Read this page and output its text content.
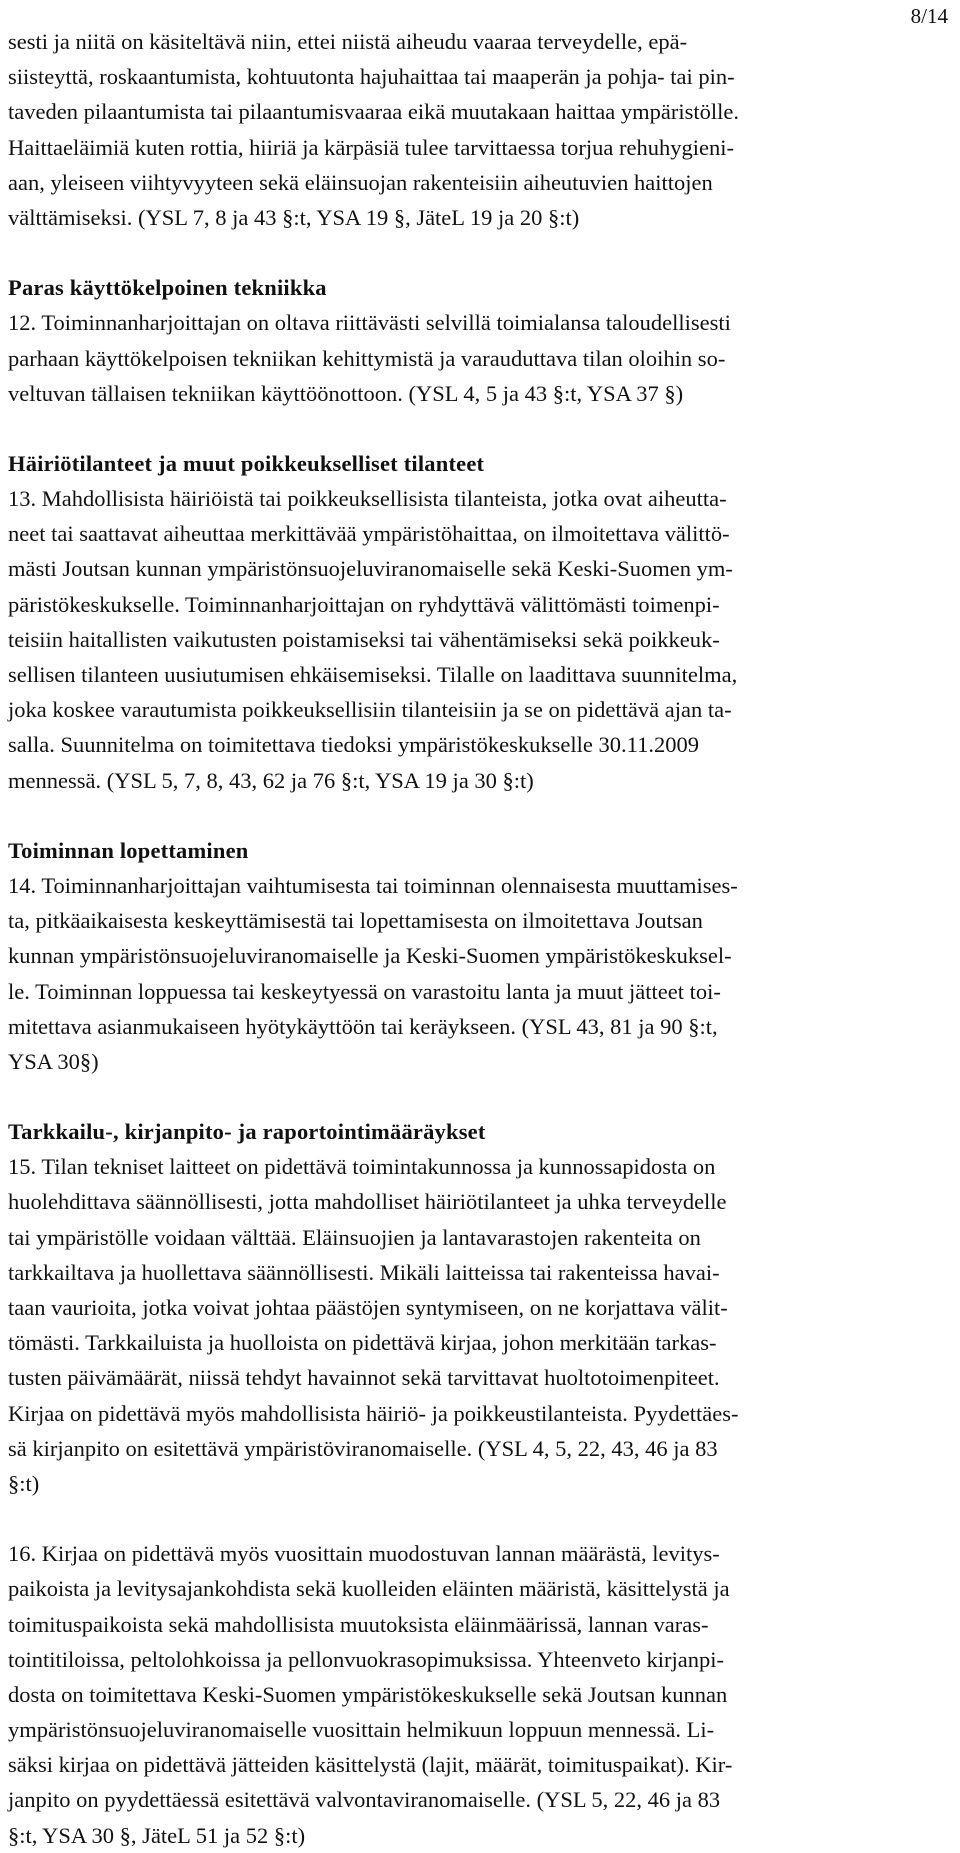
8/14
sesti ja niitä on käsiteltävä niin, ettei niistä aiheudu vaaraa terveydelle, epä-
siisteyttä, roskaantumista, kohtuutonta hajuhaittaa tai maaperän ja pohja- tai pin-
taveden pilaantumista tai pilaantumisvaaraa eikä muutakaan haittaa ympäristölle.
Haittaeläimiä kuten rottia, hiiriä ja kärpäsiä tulee tarvittaessa torjua rehuhygieni-
aan, yleiseen viihtyvyyteen sekä eläinsuojan rakenteisiin aiheutuvien haittojen
välttämiseksi. (YSL 7, 8 ja 43 §:t, YSA 19 §, JäteL 19 ja 20 §:t)
Paras käyttökelpoinen tekniikka
12. Toiminnanharjoittajan on oltava riittävästi selvillä toimialansa taloudellisesti
parhaan käyttökelpoisen tekniikan kehittymistä ja varauduttava tilan oloihin so-
veltuvan tällaisen tekniikan käyttöönottoon. (YSL 4, 5 ja 43 §:t, YSA 37 §)
Häiriötilanteet ja muut poikkeukselliset tilanteet
13. Mahdollisista häiriöistä tai poikkeuksellisista tilanteista, jotka ovat aiheutta-
neet tai saattavat aiheuttaa merkittävää ympäristöhaittaa, on ilmoitettava välittö-
mästi Joutsan kunnan ympäristönsuojeluviranomaiselle sekä Keski-Suomen ym-
päristökeskukselle. Toiminnanharjoittajan on ryhdyttävä välittömästi toimenpi-
teisiin haitallisten vaikutusten poistamiseksi tai vähentämiseksi sekä poikkeuk-
sellisen tilanteen uusiutumisen ehkäisemiseksi. Tilalle on laadittava suunnitelma,
joka koskee varautumista poikkeuksellisiin tilanteisiin ja se on pidettävä ajan ta-
salla. Suunnitelma on toimitettava tiedoksi ympäristökeskukselle 30.11.2009
mennessä. (YSL 5, 7, 8, 43, 62 ja 76 §:t, YSA 19 ja 30 §:t)
Toiminnan lopettaminen
14. Toiminnanharjoittajan vaihtumisesta tai toiminnan olennaisesta muuttamises-
ta, pitkäaikaisesta keskeyttämisestä tai lopettamisesta on ilmoitettava Joutsan
kunnan ympäristönsuojeluviranomaiselle ja Keski-Suomen ympäristökeskuksel-
le. Toiminnan loppuessa tai keskeytyessä on varastoitu lanta ja muut jätteet toi-
mitettava asianmukaiseen hyötykäyttöön tai keräykseen. (YSL 43, 81 ja 90 §:t,
YSA 30§)
Tarkkailu-, kirjanpito- ja raportointimääräykset
15. Tilan tekniset laitteet on pidettävä toimintakunnossa ja kunnossapidosta on
huolehdittava säännöllisesti, jotta mahdolliset häiriötilanteet ja uhka terveydelle
tai ympäristölle voidaan välttää. Eläinsuojien ja lantavarastojen rakenteita on
tarkkailtava ja huollettava säännöllisesti. Mikäli laitteissa tai rakenteissa havai-
taan vaurioita, jotka voivat johtaa päästöjen syntymiseen, on ne korjattava välit-
tömästi. Tarkkailuista ja huolloista on pidettävä kirjaa, johon merkitään tarkas-
tusten päivämäärät, niissä tehdyt havainnot sekä tarvittavat huoltotoimenpiteet.
Kirjaa on pidettävä myös mahdollisista häiriö- ja poikkeustilanteista. Pyydettäes-
sä kirjanpito on esitettävä ympäristöviranomaiselle. (YSL 4, 5, 22, 43, 46 ja 83
§:t)
16. Kirjaa on pidettävä myös vuosittain muodostuvan lannan määrästä, levitys-
paikoista ja levitysajankohdista sekä kuolleiden eläinten määristä, käsittelystä ja
toimituspaikoista sekä mahdollisista muutoksista eläinmäärissä, lannan varas-
tointitiloissa, peltolohkoissa ja pellonvuokrasopimuksissa. Yhteenveto kirjanpi-
dosta on toimitettava Keski-Suomen ympäristökeskukselle sekä Joutsan kunnan
ympäristönsuojeluviranomaiselle vuosittain helmikuun loppuun mennessä. Li-
säksi kirjaa on pidettävä jätteiden käsittelystä (lajit, määrät, toimituspaikat). Kir-
janpito on pyydettäessä esitettävä valvontaviranomaiselle. (YSL 5, 22, 46 ja 83
§:t, YSA 30 §, JäteL 51 ja 52 §:t)
